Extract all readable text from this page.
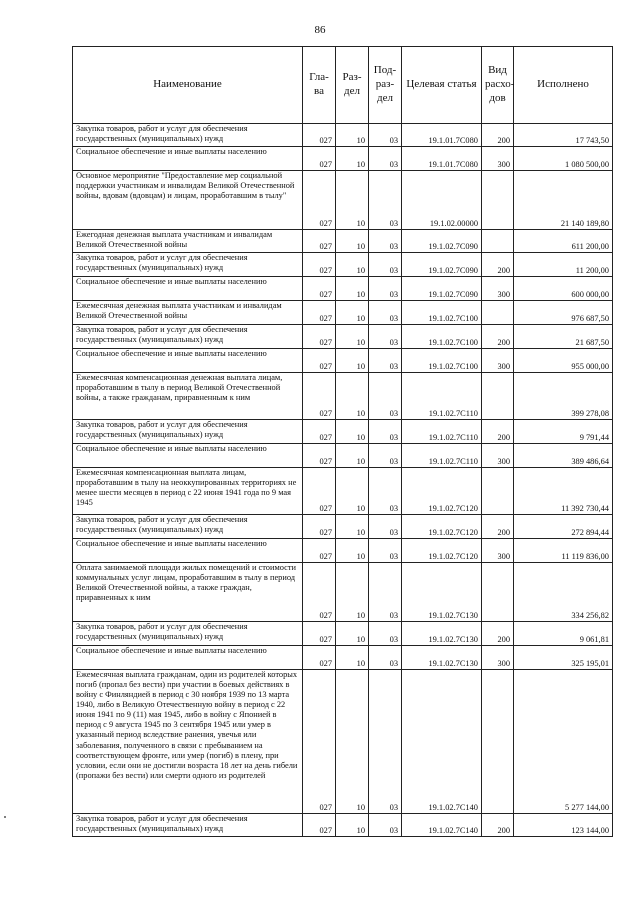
86
Наименование	Гла-ва	Раз-дел	Под-раз-дел	Целевая статья	Вид расхо-дов	Исполнено
Закупка товаров, работ и услуг для обеспечения государственных (муниципальных) нужд	027	10	03	19.1.01.7С080	200	17 743,50
Социальное обеспечение и иные выплаты населению	027	10	03	19.1.01.7С080	300	1 080 500,00
Основное мероприятие "Предоставление мер социальной поддержки участникам и инвалидам Великой Отечественной войны, вдовам (вдовцам) и лицам, проработавшим в тылу"	027	10	03	19.1.02.00000		21 140 189,80
Ежегодная денежная выплата участникам и инвалидам Великой Отечественной войны	027	10	03	19.1.02.7С090		611 200,00
Закупка товаров, работ и услуг для обеспечения государственных (муниципальных) нужд	027	10	03	19.1.02.7С090	200	11 200,00
Социальное обеспечение и иные выплаты населению	027	10	03	19.1.02.7С090	300	600 000,00
Ежемесячная денежная выплата участникам и инвалидам Великой Отечественной войны	027	10	03	19.1.02.7С100		976 687,50
Закупка товаров, работ и услуг для обеспечения государственных (муниципальных) нужд	027	10	03	19.1.02.7С100	200	21 687,50
Социальное обеспечение и иные выплаты населению	027	10	03	19.1.02.7С100	300	955 000,00
Ежемесячная компенсационная денежная выплата лицам, проработавшим в тылу в период Великой Отечественной войны, а также гражданам, приравненным к ним	027	10	03	19.1.02.7С110		399 278,08
Закупка товаров, работ и услуг для обеспечения государственных (муниципальных) нужд	027	10	03	19.1.02.7С110	200	9 791,44
Социальное обеспечение и иные выплаты населению	027	10	03	19.1.02.7С110	300	389 486,64
Ежемесячная компенсационная выплата лицам, проработавшим в тылу на неоккупированных территориях не менее шести месяцев в период с 22 июня 1941 года по 9 мая 1945	027	10	03	19.1.02.7С120		11 392 730,44
Закупка товаров, работ и услуг для обеспечения государственных (муниципальных) нужд	027	10	03	19.1.02.7С120	200	272 894,44
Социальное обеспечение и иные выплаты населению	027	10	03	19.1.02.7С120	300	11 119 836,00
Оплата занимаемой площади жилых помещений и стоимости коммунальных услуг лицам, проработавшим в тылу в период Великой Отечественной войны, а также граждан, приравненных к ним	027	10	03	19.1.02.7С130		334 256,82
Закупка товаров, работ и услуг для обеспечения государственных (муниципальных) нужд	027	10	03	19.1.02.7С130	200	9 061,81
Социальное обеспечение и иные выплаты населению	027	10	03	19.1.02.7С130	300	325 195,01
Ежемесячная выплата гражданам, один из родителей которых погиб (пропал без вести) при участии в боевых действиях в войну с Финляндией в период с 30 ноября 1939 по 13 марта 1940, либо в Великую Отечественную войну в период с 22 июня 1941 по 9 (11) мая 1945, либо в войну с Японией в период с 9 августа 1945 по 3 сентября 1945 или умер в указанный период вследствие ранения, увечья или заболевания, полученного в связи с пребыванием на соответствующем фронте, или умер (погиб) в плену, при условии, если они не достигли возраста 18 лет на день гибели (пропажи без вести) или смерти одного из родителей	027	10	03	19.1.02.7С140		5 277 144,00
Закупка товаров, работ и услуг для обеспечения государственных (муниципальных) нужд	027	10	03	19.1.02.7С140	200	123 144,00
